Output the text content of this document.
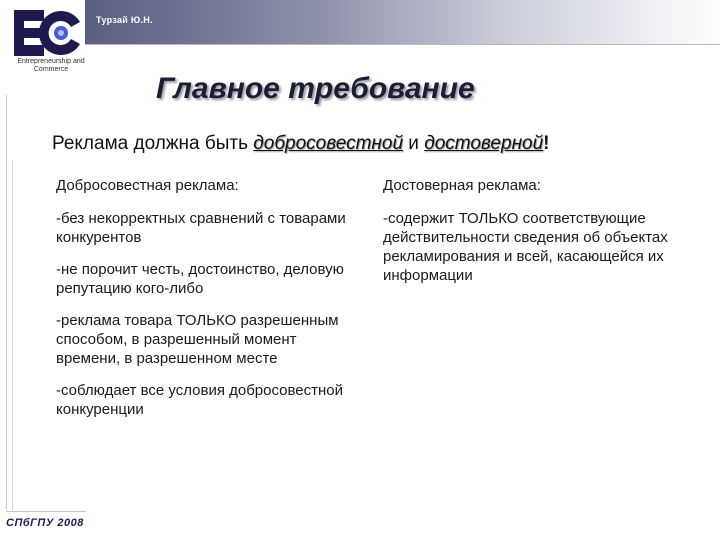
Турзай Ю.Н.
Entrepreneurship and Commerce
Главное требование
Реклама должна быть добросовестной и достоверной!
Добросовестная реклама:

-без некорректных сравнений с товарами конкурентов

-не порочит честь, достоинство, деловую репутацию кого-либо

-реклама товара ТОЛЬКО разрешенным способом, в разрешенный момент времени, в разрешенном месте

-соблюдает все условия добросовестной конкуренции

Достоверная реклама:

-содержит ТОЛЬКО соответствующие действительности сведения об объектах рекламирования и всей, касающейся их информации

СПбГПУ 2008
